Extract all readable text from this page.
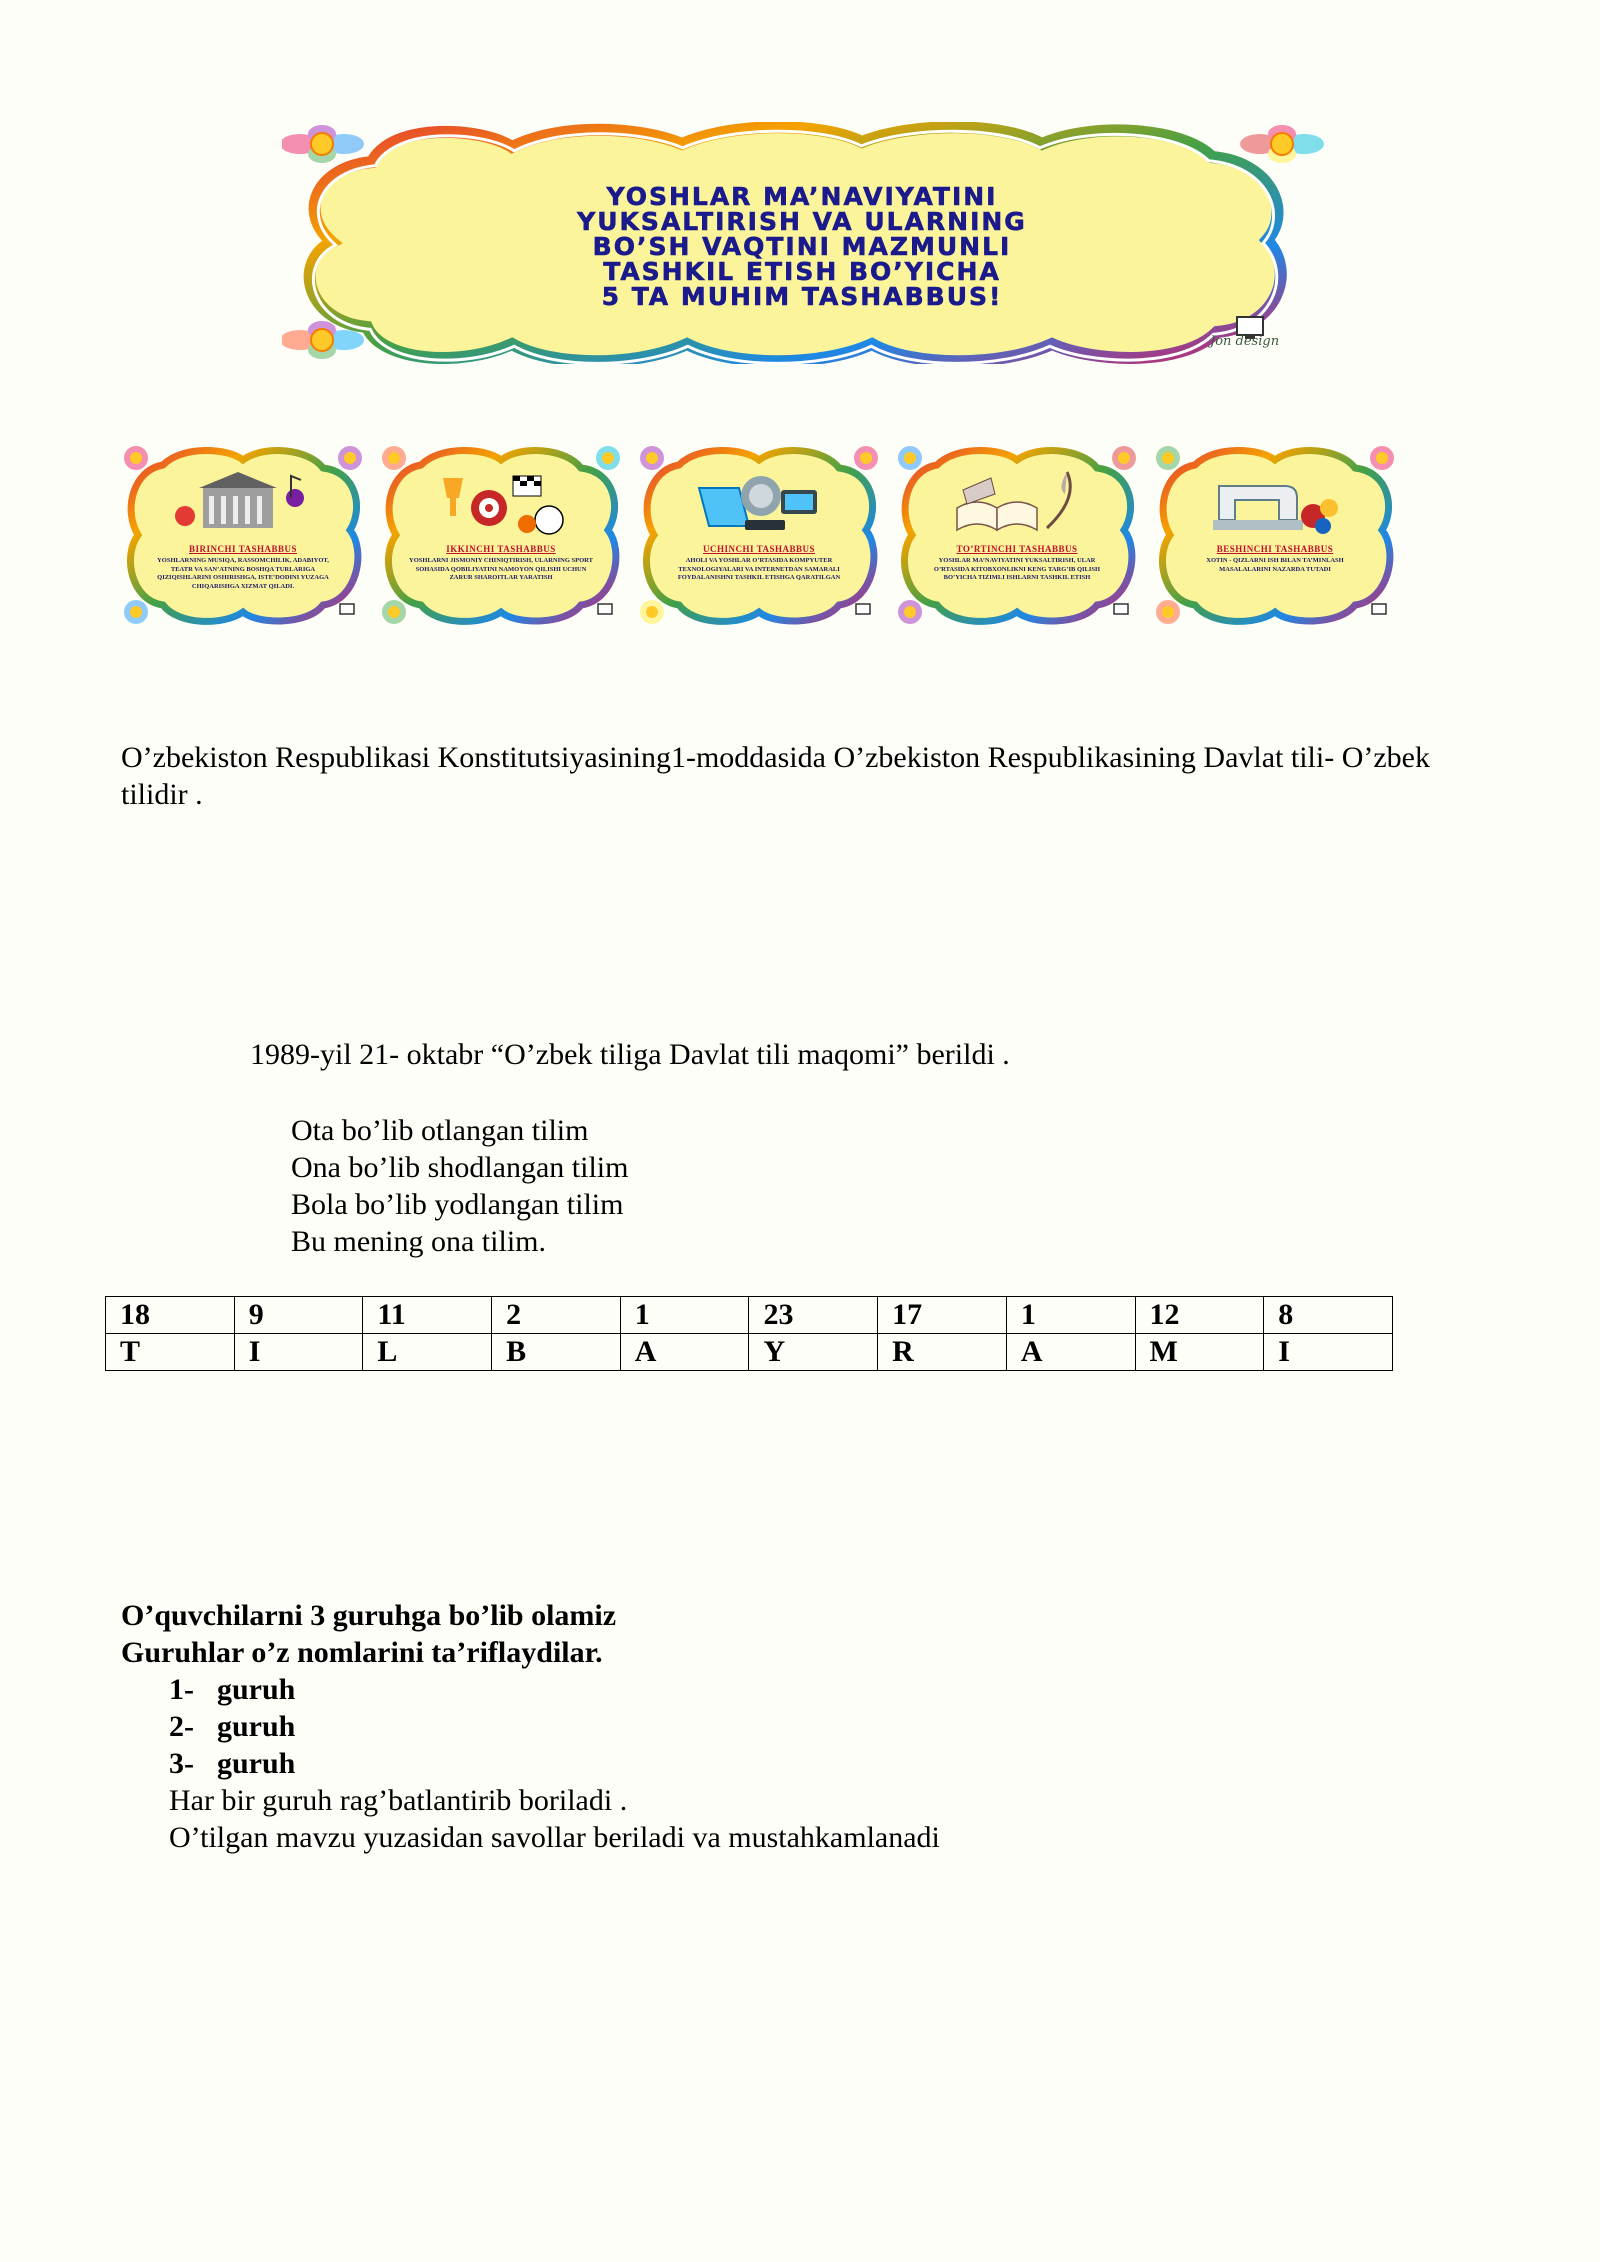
YOSHLAR MA’NAVIYATINI
YUKSALTIRISH VA ULARNING
BO’SH VAQTINI MAZMUNLI
TASHKIL ETISH BO’YICHA
5 TA MUHIM TASHABBUS!
Jon design
BIRINCHI TASHABBUS
YOSHLARNING MUSIQA, RASSOMCHILIK, ADABIYOT, TEATR VA SAN’ATNING BOSHQA TURLARIGA QIZIQISHLARINI OSHIRISHGA, ISTE’DODINI YUZAGA CHIQARISHGA XIZMAT QILADI.
IKKINCHI TASHABBUS
YOSHLARNI JISMONIY CHINIQTIRISH, ULARNING SPORT SOHASIDA QOBILIYATINI NAMOYON QILISHI UCHUN ZARUR SHAROITLAR YARATISH
UCHINCHI TASHABBUS
AHOLI VA YOSHLAR O’RTASIDA KOMPYUTER TEXNOLOGIYALARI VA INTERNETDAN SAMARALI FOYDALANISHNI TASHKIL ETISHGA QARATILGAN
TO’RTINCHI TASHABBUS
YOSHLAR MA’NAVIYATINI YUKSALTIRISH, ULAR O’RTASIDA KITOBXONLIKNI KENG TARG’IB QILISH BO’YICHA TIZIMLI ISHLARNI TASHKIL ETISH
BESHINCHI TASHABBUS
XOTIN - QIZLARNI ISH BILAN TA’MINLASH MASALALARINI NAZARDA TUTADI
O’zbekiston Respublikasi Konstitutsiyasining1-moddasida O’zbekiston Respublikasining Davlat tili- O’zbek tilidir .
1989-yil 21- oktabr “O’zbek tiligа Davlat tili maqomi” berildi .
Ota bo’lib otlangan tilim
Ona bo’lib shodlangan tilim
Bola bo’lib yodlangan tilim
Bu mening ona tilim.
18	9	11	2	1	23	17	1	12	8
T	I	L	B	A	Y	R	A	M	I
O’quvchilarni 3 guruhga bo’lib olamiz
Guruhlar o’z nomlarini ta’riflaydilar.
1- guruh
2- guruh
3- guruh
Har bir guruh rag’batlantirib boriladi .
O’tilgan mavzu yuzasidan savollar beriladi va mustahkamlanadi
